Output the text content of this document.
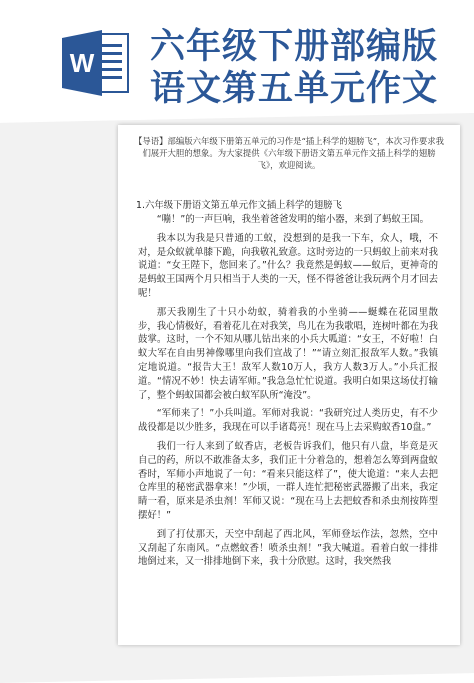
W 六年级下册部编版
语文第五单元作文
【导语】部编版六年级下册第五单元的习作是“插上科学的翅膀飞”，本次习作要求我们展开大胆的想象。为大家提供《六年级下册语文第五单元作文插上科学的翅膀飞》，欢迎阅读。
1.六年级下册语文第五单元作文插上科学的翅膀飞

“嘣！”的一声巨响，我坐着爸爸发明的缩小器，来到了蚂蚁王国。

我本以为我是只普通的工蚁，没想到的是我一下车，众人，哦，不对，是众蚁就单膝下跪，向我敬礼致意。这时旁边的一只蚂蚁上前来对我说道：“女王陛下，您回来了。”什么？我竟然是蚂蚁——蚁后，更神奇的是蚂蚁王国两个月只相当于人类的一天，怪不得爸爸让我玩两个月才回去呢！

那天我刚生了十只小幼蚁，骑着我的小坐骑——蜒蝶在花园里散步，我心情极好，看着花儿在对我笑，鸟儿在为我歌唱，连树叶都在为我鼓掌。这时，一个不知从哪儿钻出来的小兵大呱道：“女王，不好啦！白蚁大军在自由男神像哪里向我们宣战了！”“请立刻汇报敌军人数。”我镇定地说道。“报告大王！敌军人数10万人，我方人数3万人。”小兵汇报道。“情况不妙！快去请军师。”我急急忙忙说道。我明白如果这场仗打输了，整个蚂蚁国都会被白蚁军队所“淹没”。

“军师来了！”小兵叫道。军师对我说：“我研究过人类历史，有不少战役都是以少胜多，我现在可以手诸葛亮！现在马上去采购蚁香10盘。”

我们一行人来到了蚁香店，老板告诉我们，他只有八盘，毕竟是灭自己的药，所以不敢准备太多，我们正十分着急的，想着怎么筹到两盘蚁香时，军师小声地说了一句：“看来只能这样了”，使大诡道：“来人去把仓库里的秘密武器拿来！”少顷，一群人连忙把秘密武器搬了出来，我定睛一看，原来是杀虫剂！军师又说：“现在马上去把蚊香和杀虫剂按阵型摆好！”

到了打仗那天，天空中刮起了西北风，军师登坛作法，忽然，空中又刮起了东南风。“点燃蚊香！喷杀虫剂！”我大喊道。看着白蚁一排排地倒过来，又一排排地倒下来，我十分欣慰。这时，我突然我
